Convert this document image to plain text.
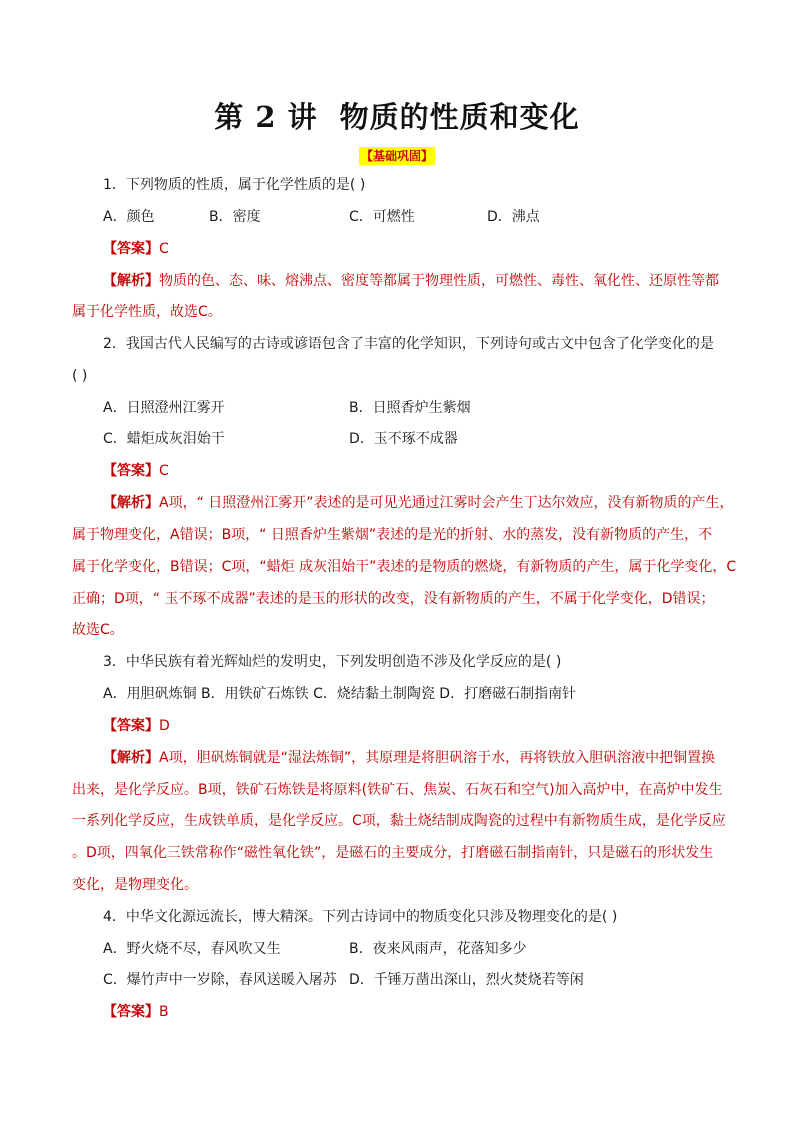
第 2 讲 物质的性质和变化
【基础巩固】
1．下列物质的性质，属于化学性质的是( )
A．颜色	B．密度	C．可燃性	D．沸点
【答案】C
【解析】物质的色、态、味、熔沸点、密度等都属于物理性质，可燃性、毒性、氧化性、还原性等都
属于化学性质，故选C。
2．我国古代人民编写的古诗或谚语包含了丰富的化学知识，下列诗句或古文中包含了化学变化的是
( )
A．日照澄州江雾开	B．日照香炉生紫烟
C．蜡炬成灰泪始干	D．玉不琢不成器
【答案】C
【解析】A项，“ 日照澄州江雾开”表述的是可见光通过江雾时会产生丁达尔效应，没有新物质的产生，
属于物理变化，A错误；B项，“ 日照香炉生紫烟”表述的是光的折射、水的蒸发，没有新物质的产生，不
属于化学变化，B错误；C项，“蜡炬 成灰泪始干”表述的是物质的燃烧，有新物质的产生，属于化学变化，C
正确；D项，“ 玉不琢不成器”表述的是玉的形状的改变，没有新物质的产生，不属于化学变化，D错误；
故选C。
3．中华民族有着光辉灿烂的发明史，下列发明创造不涉及化学反应的是( )
A．用胆矾炼铜 B．用铁矿石炼铁 C．烧结黏土制陶瓷 D．打磨磁石制指南针
【答案】D
【解析】A项，胆矾炼铜就是“湿法炼铜”，其原理是将胆矾溶于水，再将铁放入胆矾溶液中把铜置换
出来，是化学反应。B项，铁矿石炼铁是将原料(铁矿石、焦炭、石灰石和空气)加入高炉中，在高炉中发生
一系列化学反应，生成铁单质，是化学反应。C项，黏土烧结制成陶瓷的过程中有新物质生成，是化学反应
。D项，四氧化三铁常称作“磁性氧化铁”，是磁石的主要成分，打磨磁石制指南针，只是磁石的形状发生
变化，是物理变化。
4．中华文化源远流长，博大精深。下列古诗词中的物质变化只涉及物理变化的是( )
A．野火烧不尽，春风吹又生	B．夜来风雨声，花落知多少
C．爆竹声中一岁除，春风送暖入屠苏 D．千锤万凿出深山，烈火焚烧若等闲
【答案】B
